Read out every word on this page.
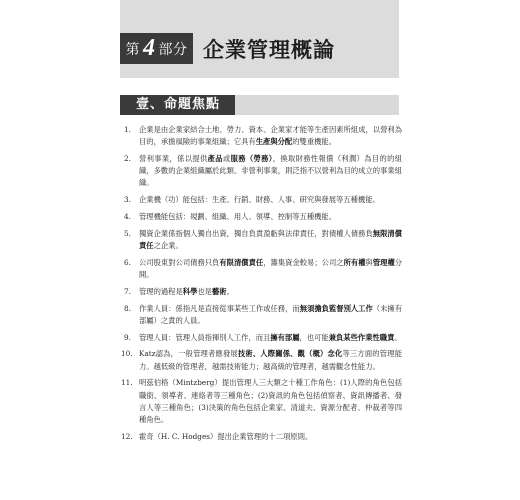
第 4 部分 企業管理概論
壹、命題焦點
1. 企業是由企業家結合土地、勞力、資本、企業家才能等生產因素所組成，以營利為目的，承擔風險的事業組織；它具有生產與分配的雙重機能。
2. 營利事業，係以提供產品或服務（勞務），換取財務性報償（利潤）為目的的組織，多數的企業組織屬於此類。非營利事業，則泛指不以營利為目的成立的事業組織。
3. 企業機（功）能包括：生產、行銷、財務、人事、研究與發展等五種機能。
4. 管理機能包括：規劃、組織、用人、領導、控制等五種機能。
5. 獨資企業係指個人獨自出資，獨自負責盈虧與法律責任，對債權人債務負無限清償責任之企業。
6. 公司股東對公司債務只負有限清償責任，籌集資金較易；公司之所有權與管理權分開。
7. 管理的過程是科學也是藝術。
8. 作業人員：係指凡是直接從事某些工作或任務，而無須擔負監督別人工作（未擁有部屬）之責的人員。
9. 管理人員：管理人員指揮別人工作，而且擁有部屬，也可能兼負某些作業性職責。
10. Katz認為，一般管理者應發展技術、人際關係、觀（概）念化等三方面的管理能力。越低級的管理者，越需技術能力；越高級的管理者，越需觀念性能力。
11. 明茲伯格（Mintzberg）提出管理人三大類之十種工作角色：(1)人際的角色包括職銜、領導者、連絡者等三種角色；(2)資訊的角色包括偵察者、資訊傳播者、發言人等三種角色；(3)決策的角色包括企業家、清道夫、資源分配者、仲裁者等四種角色。
12. 霍奇（H. C. Hodges）提出企業管理的十二項原則。
